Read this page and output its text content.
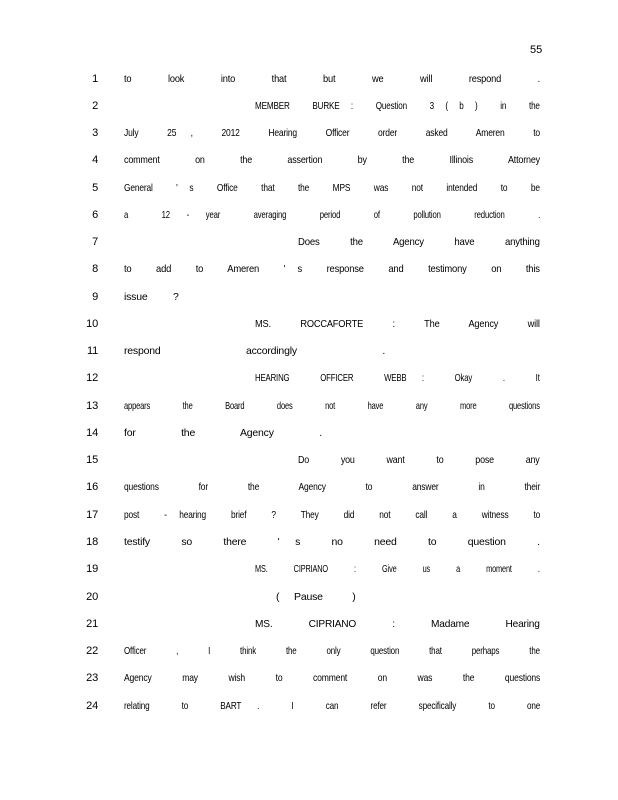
55
1 to  look  into  that  but  we  will  respond  .
2	MEMBER  BURKE :  Question  3 ( b )  in  the
3 July  25 ,  2012  Hearing  Officer  order  asked  Ameren  to
4 comment  on  the  assertion  by  the  Illinois  Attorney
5 General  ' s  Office  that  the  MPS  was  not  intended  to  be
6 a  12 - year  averaging  period  of  pollution  reduction  .
7	Does  the  Agency  have  anything
8 to  add  to  Ameren  ' s  response  and  testimony  on  this
9 issue  ?
10	MS.  ROCCAFORTE  :  The  Agency  will
11 respond  accordingly  .
12	HEARING  OFFICER  WEBB :  Okay  .  It
13 appears  the  Board  does  not  have  any  more  questions
14 for  the  Agency  .
15	Do  you  want  to  pose  any
16 questions  for  the  Agency  to  answer  in  their
17 post  - hearing  brief  ?  They  did  not  call  a  witness  to
18 testify  so  there  ' s  no  need  to  question  .
19	MS.  CIPRIANO  :  Give  us  a  moment  .
20	( Pause  )
21	MS.  CIPRIANO  :  Madame  Hearing
22 Officer  ,  I  think  the  only  question  that  perhaps  the
23 Agency  may  wish  to  comment  on  was  the  questions
24 relating  to  BART .  I  can  refer  specifically  to  one
